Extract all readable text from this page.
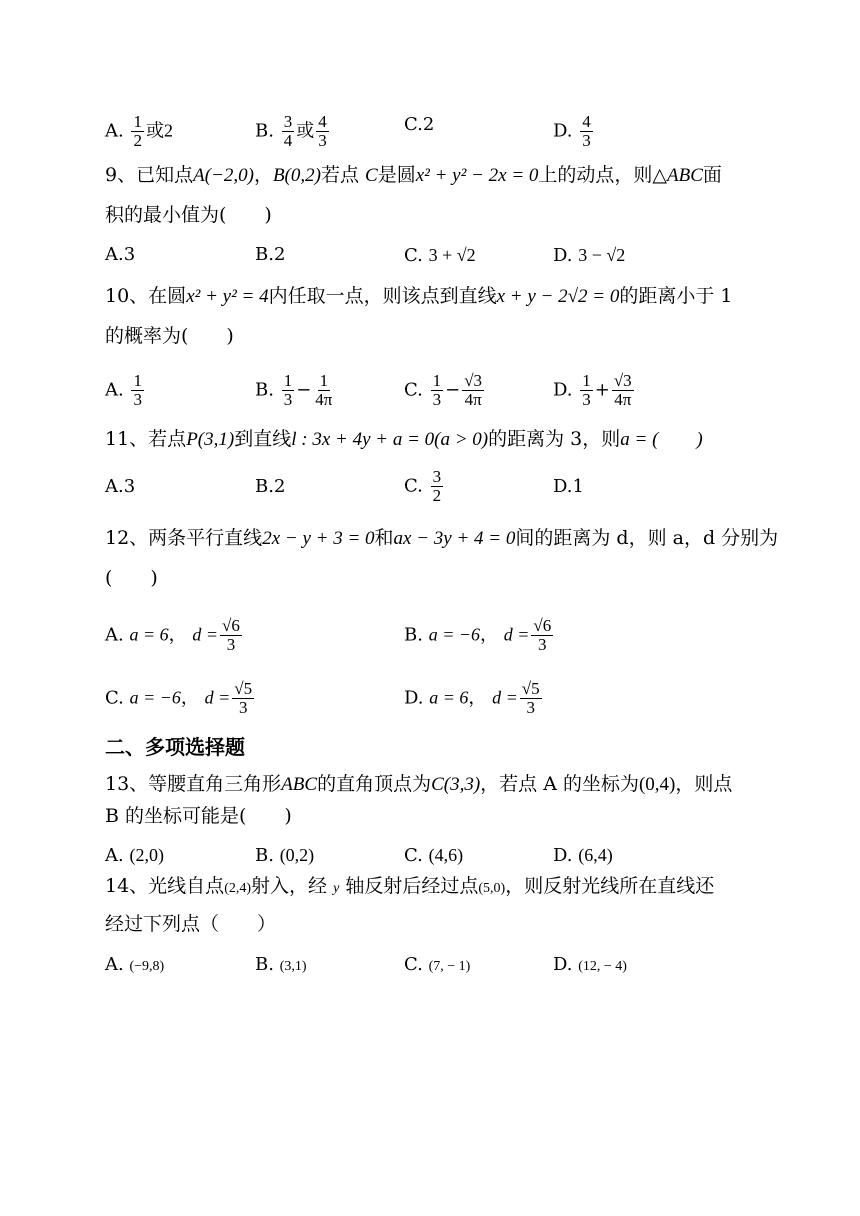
A. $\frac{1}{2}$ 或2	B. $\frac{3}{4}$ 或 $\frac{4}{3}$	C.2	D. $\frac{4}{3}$
9、已知点A(−2,0)，B(0,2)若点 C是圆x² + y² − 2x = 0上的动点，则△ABC面
积的最小值为(　　)
A.3	B.2	C. 3 + √2	D. 3 − √2
10、在圆x² + y² = 4内任取一点，则该点到直线x + y − 2√2 = 0的距离小于 1
的概率为(　　)
A. $\frac{1}{3}$	B. $\frac{1}{3} - \frac{1}{4\pi}$	C. $\frac{1}{3} - \frac{√3}{4\pi}$	D. $\frac{1}{3} + \frac{√3}{4\pi}$
11、若点P(3,1)到直线l : 3x + 4y + a = 0(a > 0)的距离为 3，则a = (　　)
A.3	B.2	C. $\frac{3}{2}$	D.1
12、两条平行直线2x − y + 3 = 0和ax − 3y + 4 = 0间的距离为 d，则 a，d 分别为
(　　)
A. a = 6， $d = \frac{√6}{3}$	B. a = −6， $d = \frac{√6}{3}$
C. a = −6， $d = \frac{√5}{3}$	D. a = 6， $d = \frac{√5}{3}$
二、多项选择题
13、等腰直角三角形ABC的直角顶点为C(3,3)，若点 A 的坐标为(0,4)，则点
B 的坐标可能是(　　)
A. (2,0)	B. (0,2)	C. (4,6)	D. (6,4)
14、光线自点(2,4)射入，经 y 轴反射后经过点(5,0)，则反射光线所在直线还
经过下列点（　　）
A. (−9,8)	B. (3,1)	C. (7, − 1)	D. (12, − 4)
